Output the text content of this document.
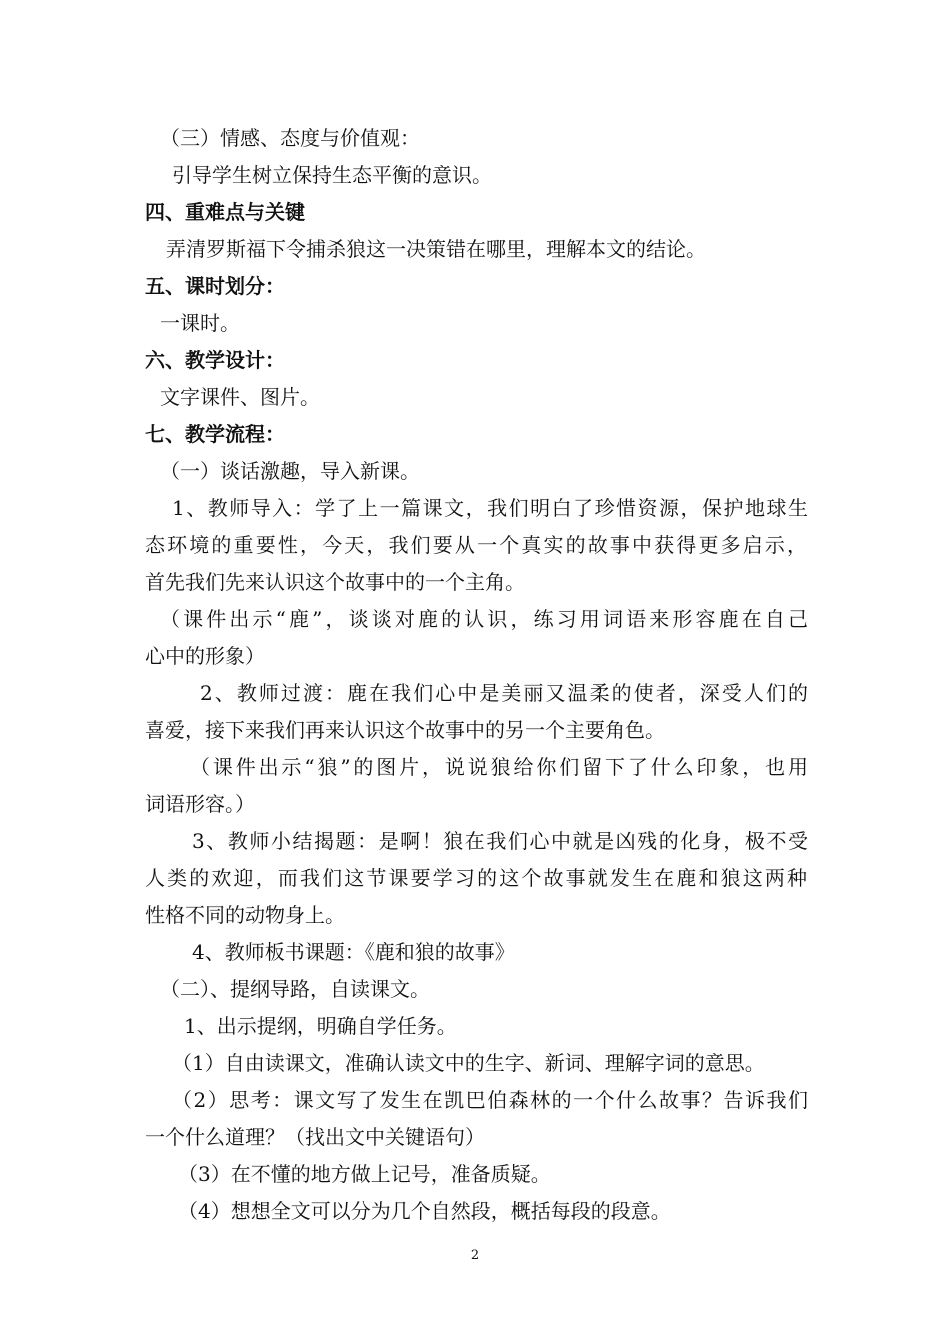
（三）情感、态度与价值观：
引导学生树立保持生态平衡的意识。
四、重难点与关键
弄清罗斯福下令捕杀狼这一决策错在哪里，理解本文的结论。
五、课时划分：
一课时。
六、教学设计：
文字课件、图片。
七、教学流程：
（一）谈话激趣，导入新课。
1、教师导入：学了上一篇课文，我们明白了珍惜资源，保护地球生
态环境的重要性，今天，我们要从一个真实的故事中获得更多启示，
首先我们先来认识这个故事中的一个主角。
（课件出示“鹿”，谈谈对鹿的认识，练习用词语来形容鹿在自己
心中的形象）
2、教师过渡：鹿在我们心中是美丽又温柔的使者，深受人们的
喜爱，接下来我们再来认识这个故事中的另一个主要角色。
（课件出示“狼”的图片，说说狼给你们留下了什么印象，也用
词语形容。）
3、教师小结揭题：是啊！狼在我们心中就是凶残的化身，极不受
人类的欢迎，而我们这节课要学习的这个故事就发生在鹿和狼这两种
性格不同的动物身上。
4、教师板书课题：《鹿和狼的故事》
（二）、提纲导路，自读课文。
1、出示提纲，明确自学任务。
（1）自由读课文，准确认读文中的生字、新词、理解字词的意思。
（2）思考：课文写了发生在凯巴伯森林的一个什么故事？告诉我们
一个什么道理？（找出文中关键语句）
（3）在不懂的地方做上记号，准备质疑。
（4）想想全文可以分为几个自然段，概括每段的段意。
2
